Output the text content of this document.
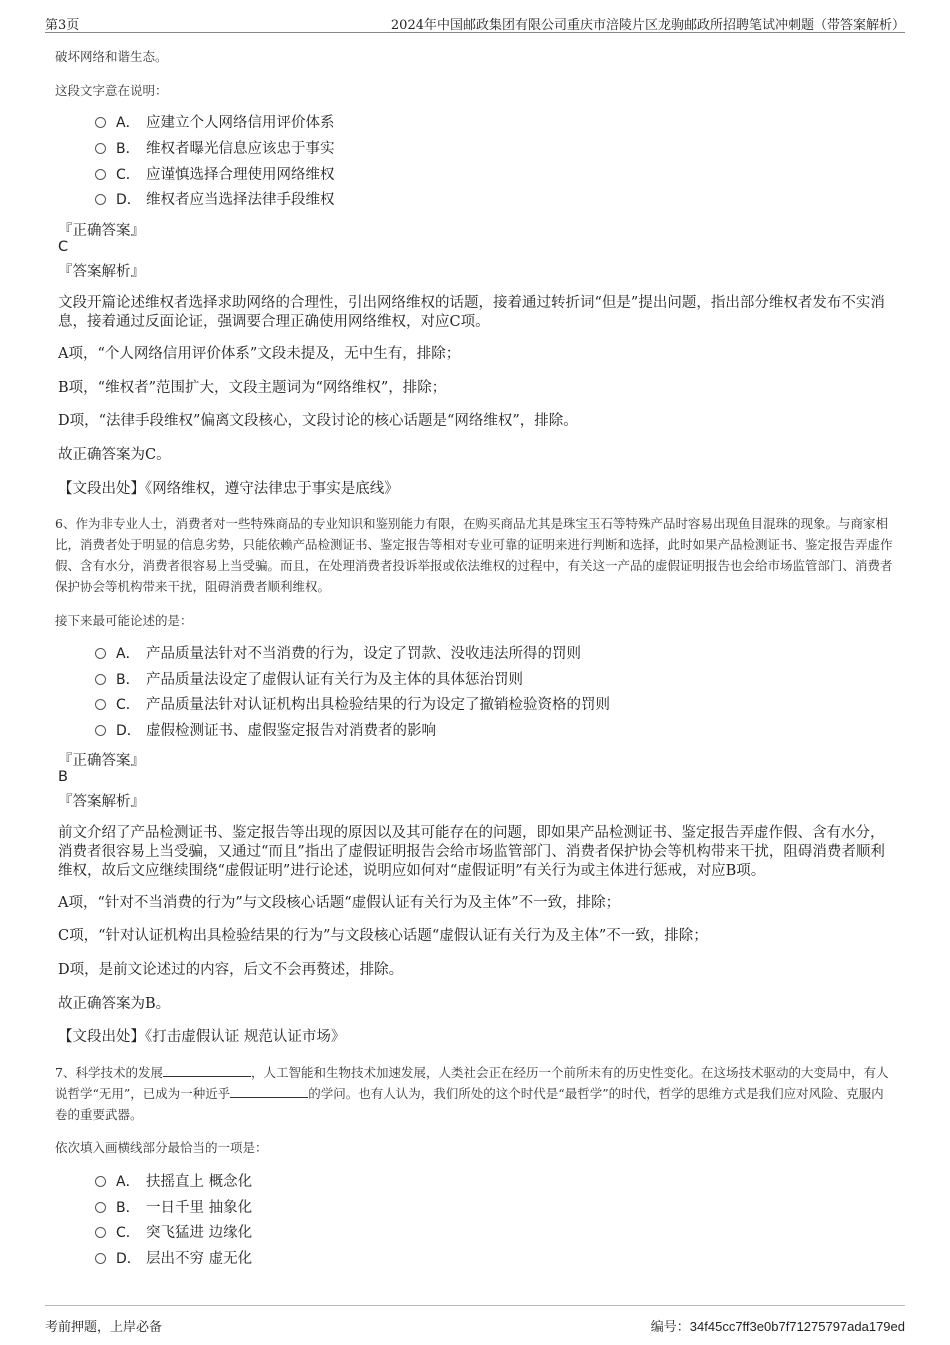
第3页	2024年中国邮政集团有限公司重庆市涪陵片区龙驹邮政所招聘笔试冲刺题（带答案解析）
破坏网络和谐生态。
这段文字意在说明：
A． 应建立个人网络信用评价体系
B． 维权者曝光信息应该忠于事实
C． 应谨慎选择合理使用网络维权
D． 维权者应当选择法律手段维权
『正确答案』
C
『答案解析』
文段开篇论述维权者选择求助网络的合理性，引出网络维权的话题，接着通过转折词“但是”提出问题，指出部分维权者发布不实消息，接着通过反面论证，强调要合理正确使用网络维权，对应C项。
A项，“个人网络信用评价体系”文段未提及，无中生有，排除；
B项，“维权者”范围扩大，文段主题词为“网络维权”，排除；
D项，“法律手段维权”偏离文段核心，文段讨论的核心话题是“网络维权”，排除。
故正确答案为C。
【文段出处】《网络维权，遵守法律忠于事实是底线》
6、作为非专业人士，消费者对一些特殊商品的专业知识和鉴别能力有限，在购买商品尤其是珠宝玉石等特殊产品时容易出现鱼目混珠的现象。与商家相比，消费者处于明显的信息劣势，只能依赖产品检测证书、鉴定报告等相对专业可靠的证明来进行判断和选择，此时如果产品检测证书、鉴定报告弄虚作假、含有水分，消费者很容易上当受骗。而且，在处理消费者投诉举报或依法维权的过程中，有关这一产品的虚假证明报告也会给市场监管部门、消费者保护协会等机构带来干扰，阻碍消费者顺利维权。
接下来最可能论述的是：
A． 产品质量法针对不当消费的行为，设定了罚款、没收违法所得的罚则
B． 产品质量法设定了虚假认证有关行为及主体的具体惩治罚则
C． 产品质量法针对认证机构出具检验结果的行为设定了撤销检验资格的罚则
D． 虚假检测证书、虚假鉴定报告对消费者的影响
『正确答案』
B
『答案解析』
前文介绍了产品检测证书、鉴定报告等出现的原因以及其可能存在的问题，即如果产品检测证书、鉴定报告弄虚作假、含有水分，消费者很容易上当受骗，又通过“而且”指出了虚假证明报告会给市场监管部门、消费者保护协会等机构带来干扰，阻碍消费者顺利维权，故后文应继续围绕“虚假证明”进行论述，说明应如何对“虚假证明”有关行为或主体进行惩戒，对应B项。
A项，“针对不当消费的行为”与文段核心话题“虚假认证有关行为及主体”不一致，排除；
C项，“针对认证机构出具检验结果的行为”与文段核心话题“虚假认证有关行为及主体”不一致，排除；
D项，是前文论述过的内容，后文不会再赘述，排除。
故正确答案为B。
【文段出处】《打击虚假认证 规范认证市场》
7、科学技术的发展	，人工智能和生物技术加速发展，人类社会正在经历一个前所未有的历史性变化。在这场技术驱动的大变局中，有人说哲学“无用”，已成为一种近乎	的学问。也有人认为，我们所处的这个时代是“最哲学”的时代，哲学的思维方式是我们应对风险、克服内卷的重要武器。
依次填入画横线部分最恰当的一项是：
A． 扶摇直上 概念化
B． 一日千里 抽象化
C． 突飞猛进 边缘化
D． 层出不穷 虚无化
考前押题，上岸必备	编号：34f45cc7ff3e0b7f71275797ada179ed
